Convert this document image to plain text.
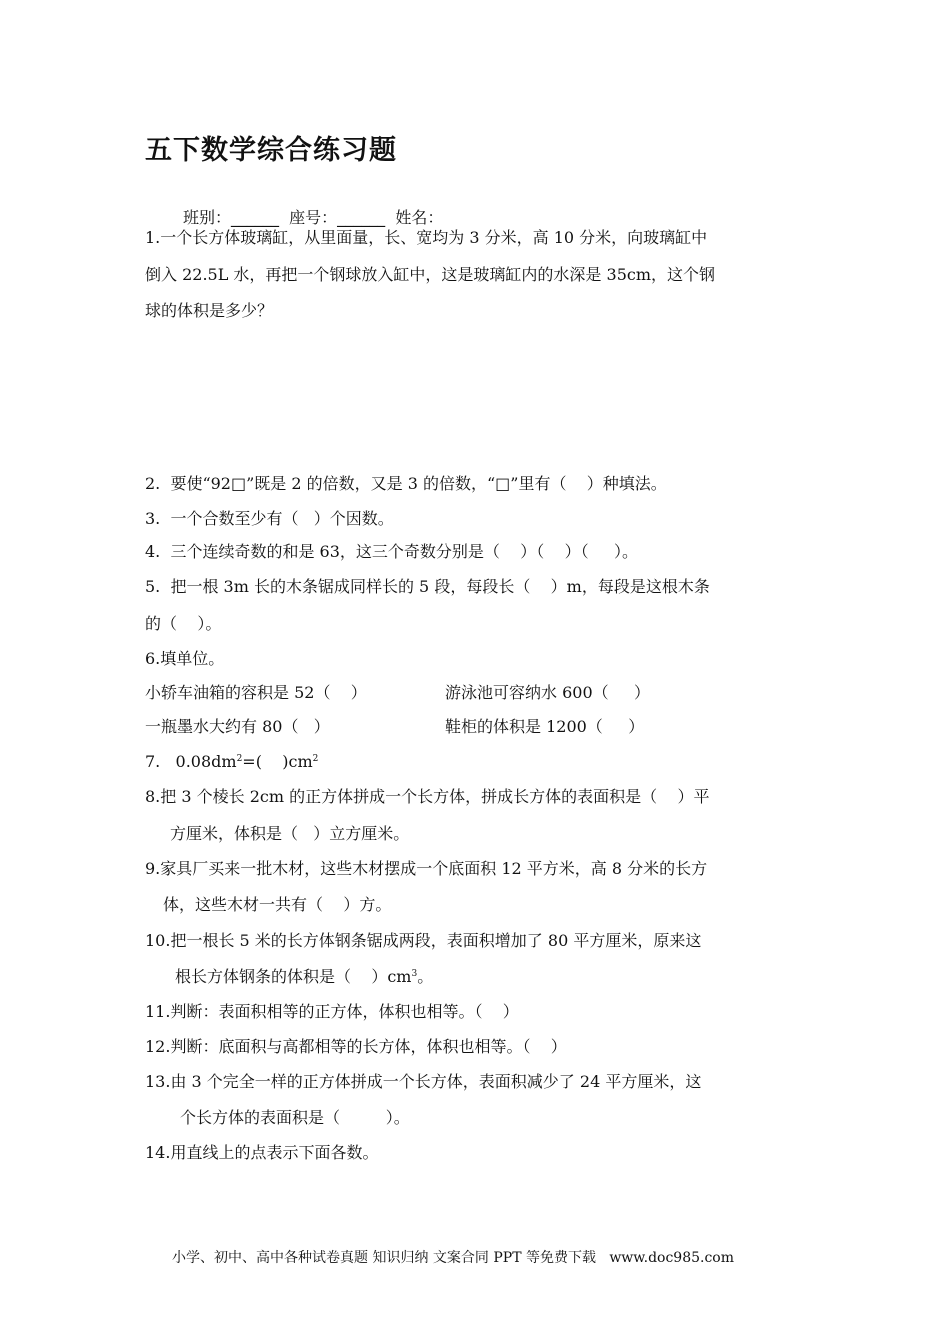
五下数学综合练习题
班别：______  座号：______  姓名：
1.一个长方体玻璃缸，从里面量，长、宽均为 3 分米，高 10 分米，向玻璃缸中
倒入 22.5L 水，再把一个钢球放入缸中，这是玻璃缸内的水深是 35cm，这个钢
球的体积是多少？
2.  要使“92□”既是 2 的倍数，又是 3 的倍数，“□”里有（    ）种填法。
3.  一个合数至少有（   ）个因数。
4.  三个连续奇数的和是 63，这三个奇数分别是（    ）（    ）（     ）。
5.  把一根 3m 长的木条锯成同样长的 5 段，每段长（    ）m，每段是这根木条
的（    ）。
6.填单位。
小轿车油箱的容积是 52（    ）	游泳池可容纳水 600（     ）
一瓶墨水大约有 80（   ）	鞋柜的体积是 1200（     ）
7.   $0.08dm^2=$(    )$cm^2$
8.把 3 个棱长 2cm 的正方体拼成一个长方体，拼成长方体的表面积是（    ）平
方厘米，体积是（   ）立方厘米。
9.家具厂买来一批木材，这些木材摆成一个底面积 12 平方米，高 8 分米的长方
体，这些木材一共有（    ）方。
10.把一根长 5 米的长方体钢条锯成两段，表面积增加了 80 平方厘米，原来这
根长方体钢条的体积是（    ）$cm^3$。
11.判断：表面积相等的正方体，体积也相等。（    ）
12.判断：底面积与高都相等的长方体，体积也相等。（    ）
13.由 3 个完全一样的正方体拼成一个长方体，表面积减少了 24 平方厘米，这
个长方体的表面积是（         ）。
14.用直线上的点表示下面各数。
小学、初中、高中各种试卷真题 知识归纳 文案合同 PPT 等免费下载   www.doc985.com
